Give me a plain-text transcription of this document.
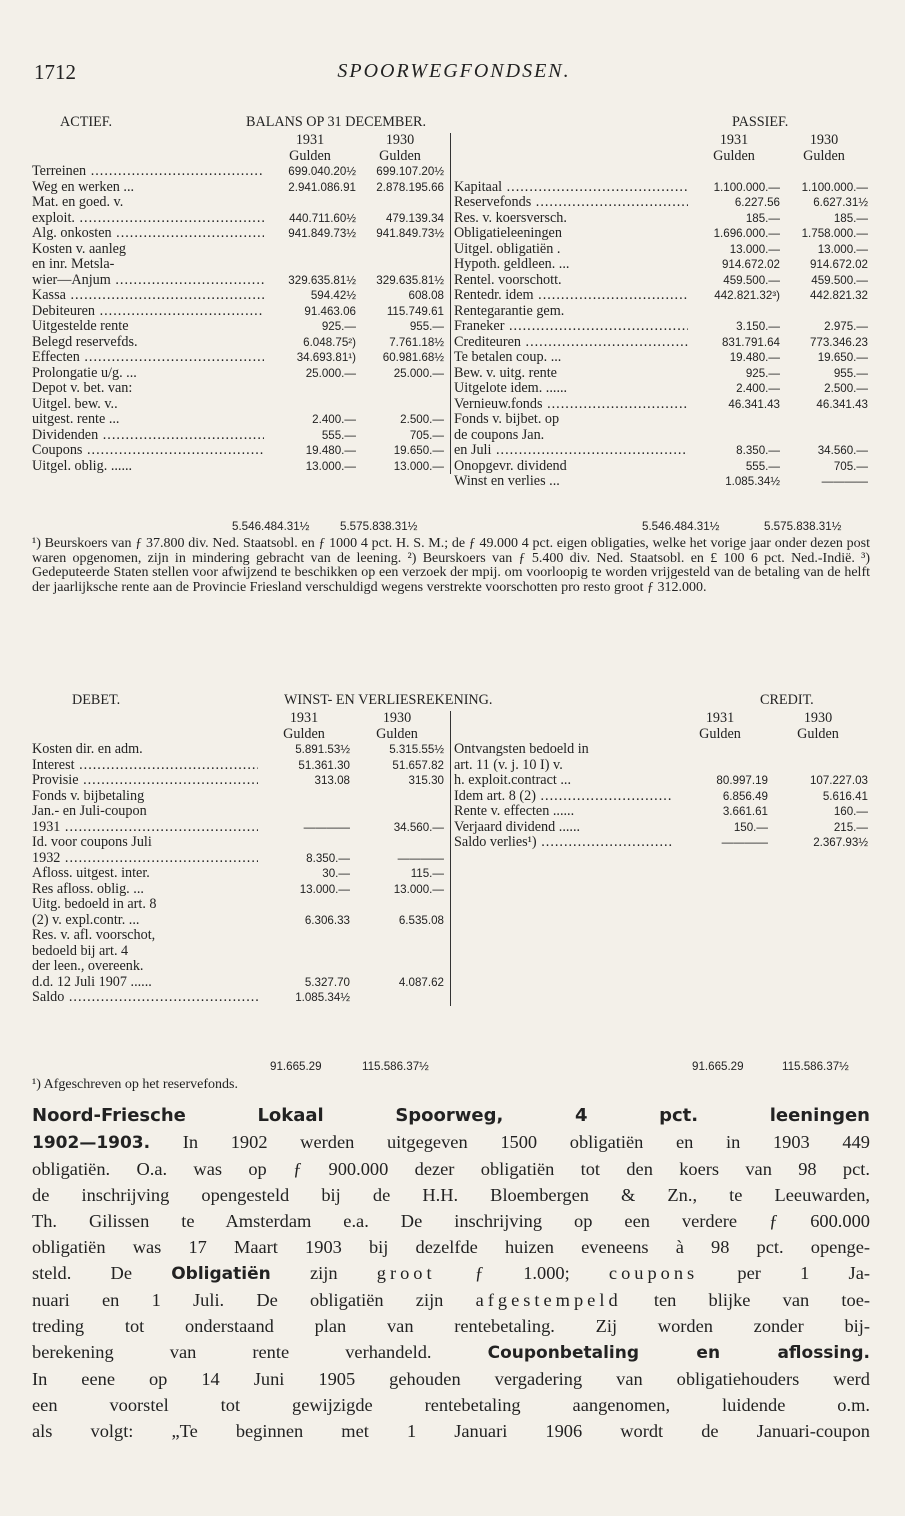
1712	SPOORWEGFONDSEN.
ACTIEF.	BALANS OP 31 DECEMBER.	PASSIEF.
1931	1930
Gulden	Gulden
Terreinen .....	699.040.20½	699.107.20½
Weg en werken ...	2.941.086.91	2.878.195.66
Mat. en goed. v.
exploit. .....	440.711.60½	479.139.34
Alg. onkosten .....	941.849.73½	941.849.73½
Kosten v. aanleg
en inr. Metsla-
wier—Anjum .....	329.635.81½	329.635.81½
Kassa .....	594.42½	608.08
Debiteuren .....	91.463.06	115.749.61
Uitgestelde rente	925.—	955.—
Belegd reservefds.	6.048.75²)	7.761.18½
Effecten .....	34.693.81¹)	60.981.68½
Prolongatie u/g. ...	25.000.—	25.000.—
Depot v. bet. van:
Uitgel. bew. v..
uitgest. rente ...	2.400.—	2.500.—
Dividenden .....	555.—	705.—
Coupons .....	19.480.—	19.650.—
Uitgel. oblig. ......	13.000.—	13.000.—
1931	1930
Gulden	Gulden
Kapitaal .....	1.100.000.—	1.100.000.—
Reservefonds .....	6.227.56	6.627.31½
Res. v. koersversch.	185.—	185.—
Obligatieleeningen	1.696.000.—	1.758.000.—
Uitgel. obligatiën .	13.000.—	13.000.—
Hypoth. geldleen. ...	914.672.02	914.672.02
Rentel. voorschott.	459.500.—	459.500.—
Rentedr. idem .....	442.821.32³)	442.821.32
Rentegarantie gem.
Franeker .....	3.150.—	2.975.—
Crediteuren .....	831.791.64	773.346.23
Te betalen coup. ...	19.480.—	19.650.—
Bew. v. uitg. rente	925.—	955.—
Uitgelote idem. ......	2.400.—	2.500.—
Vernieuw.fonds .....	46.341.43	46.341.43
Fonds v. bijbet. op
de coupons Jan.
en Juli .....	8.350.—	34.560.—
Onopgevr. dividend	555.—	705.—
Winst en verlies ...	1.085.34½	————
5.546.484.31½	5.575.838.31½	5.546.484.31½	5.575.838.31½
¹) Beurskoers van ƒ 37.800 div. Ned. Staatsobl. en ƒ 1000 4 pct. H. S. M.; de ƒ 49.000 4 pct. eigen obligaties, welke het vorige jaar onder dezen post waren opgenomen, zijn in mindering gebracht van de leening. ²) Beurskoers van ƒ 5.400 div. Ned. Staatsobl. en £ 100 6 pct. Ned.-Indië. ³) Gedeputeerde Staten stellen voor afwijzend te beschikken op een verzoek der mpij. om voorloopig te worden vrijgesteld van de betaling van de helft der jaarlijksche rente aan de Provincie Friesland verschuldigd wegens verstrekte voorschotten pro resto groot ƒ 312.000.
DEBET.	WINST- EN VERLIESREKENING.	CREDIT.
1931	1930
Gulden	Gulden
Kosten dir. en adm.	5.891.53½	5.315.55½
Interest .....	51.361.30	51.657.82
Provisie .....	313.08	315.30
Fonds v. bijbetaling
Jan.- en Juli-coupon
1931 .....	————	34.560.—
Id. voor coupons Juli
1932 .....	8.350.—	————
Afloss. uitgest. inter.	30.—	115.—
Res afloss. oblig. ...	13.000.—	13.000.—
Uitg. bedoeld in art. 8
(2) v. expl.contr. ...	6.306.33	6.535.08
Res. v. afl. voorschot,
bedoeld bij art. 4
der leen., overeenk.
d.d. 12 Juli 1907 ......	5.327.70	4.087.62
Saldo .....	1.085.34½
1931	1930
Gulden	Gulden
Ontvangsten bedoeld in
art. 11 (v. j. 10 I) v.
h. exploit.contract ...	80.997.19	107.227.03
Idem art. 8 (2) .....	6.856.49	5.616.41
Rente v. effecten ......	3.661.61	160.—
Verjaard dividend ......	150.—	215.—
Saldo verlies¹) .....	————	2.367.93½
91.665.29	115.586.37½	91.665.29	115.586.37½
¹) Afgeschreven op het reservefonds.
Noord-Friesche Lokaal Spoorweg, 4 pct. leeningen
1902—1903. In 1902 werden uitgegeven 1500 obligatiën en in 1903 449
obligatiën. O.a. was op ƒ 900.000 dezer obligatiën tot den koers van 98 pct.
de inschrijving opengesteld bij de H.H. Bloembergen & Zn., te Leeuwarden,
Th. Gilissen te Amsterdam e.a. De inschrijving op een verdere ƒ 600.000
obligatiën was 17 Maart 1903 bij dezelfde huizen eveneens à 98 pct. openge-
steld. De Obligatiën zijn groot ƒ 1.000; coupons per 1 Ja-
nuari en 1 Juli. De obligatiën zijn afgestempeld ten blijke van toe-
treding tot onderstaand plan van rentebetaling. Zij worden zonder bij-
berekening van rente verhandeld. Couponbetaling en aflossing.
In eene op 14 Juni 1905 gehouden vergadering van obligatiehouders werd
een voorstel tot gewijzigde rentebetaling aangenomen, luidende o.m.
als volgt: „Te beginnen met 1 Januari 1906 wordt de Januari-coupon
